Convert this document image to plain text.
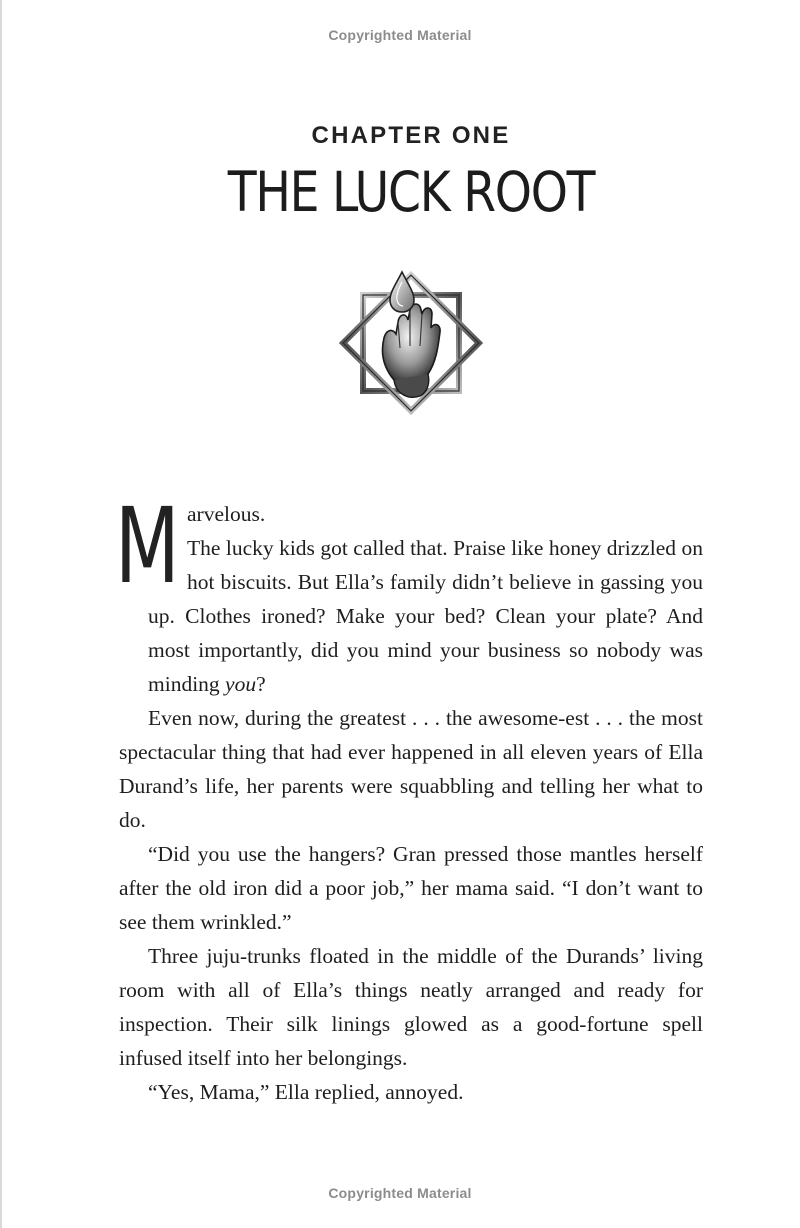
Copyrighted Material
CHAPTER ONE
THE LUCK ROOT

Marvelous.

The lucky kids got called that. Praise like honey drizzled on hot biscuits. But Ella’s family didn’t believe in gassing you up. Clothes ironed? Make your bed? Clean your plate? And most importantly, did you mind your business so nobody was minding you?

Even now, during the greatest . . . the awesome-est . . . the most spectacular thing that had ever happened in all eleven years of Ella Durand’s life, her parents were squabbling and telling her what to do.

“Did you use the hangers? Gran pressed those mantles herself after the old iron did a poor job,” her mama said. “I don’t want to see them wrinkled.”

Three juju-trunks floated in the middle of the Durands’ living room with all of Ella’s things neatly arranged and ready for inspection. Their silk linings glowed as a good-fortune spell infused itself into her belongings.

“Yes, Mama,” Ella replied, annoyed.

Copyrighted Material
